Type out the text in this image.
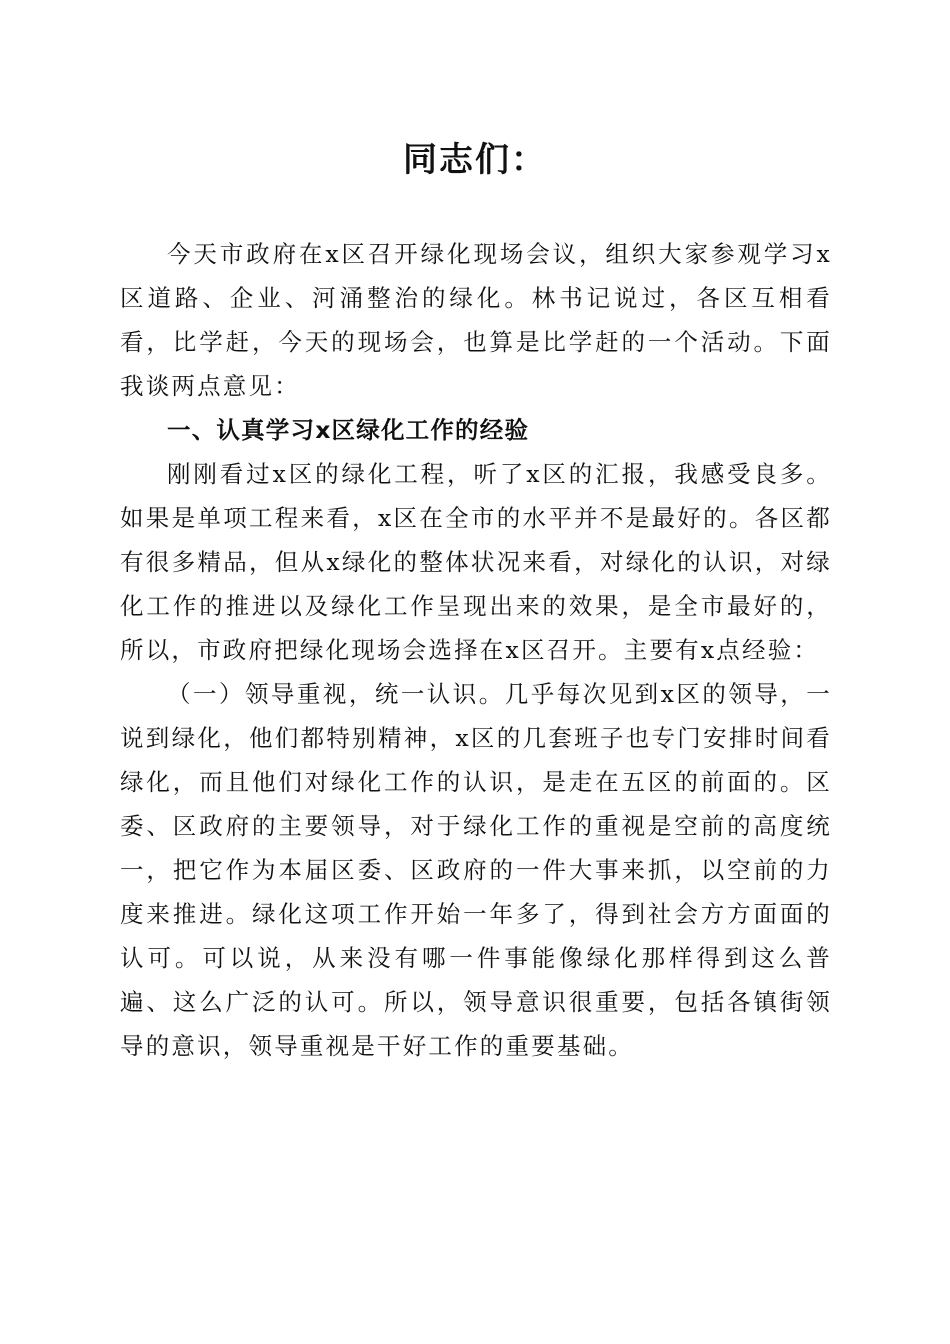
同志们：

今天市政府在x区召开绿化现场会议，组织大家参观学习x区道路、企业、河涌整治的绿化。林书记说过，各区互相看看，比学赶，今天的现场会，也算是比学赶的一个活动。下面我谈两点意见：

一、认真学习x区绿化工作的经验

刚刚看过x区的绿化工程，听了x区的汇报，我感受良多。如果是单项工程来看，x区在全市的水平并不是最好的。各区都有很多精品，但从x绿化的整体状况来看，对绿化的认识，对绿化工作的推进以及绿化工作呈现出来的效果，是全市最好的，所以，市政府把绿化现场会选择在x区召开。主要有x点经验：

（一）领导重视，统一认识。几乎每次见到x区的领导，一说到绿化，他们都特别精神，x区的几套班子也专门安排时间看绿化，而且他们对绿化工作的认识，是走在五区的前面的。区委、区政府的主要领导，对于绿化工作的重视是空前的高度统一，把它作为本届区委、区政府的一件大事来抓，以空前的力度来推进。绿化这项工作开始一年多了，得到社会方方面面的认可。可以说，从来没有哪一件事能像绿化那样得到这么普遍、这么广泛的认可。所以，领导意识很重要，包括各镇街领导的意识，领导重视是干好工作的重要基础。
